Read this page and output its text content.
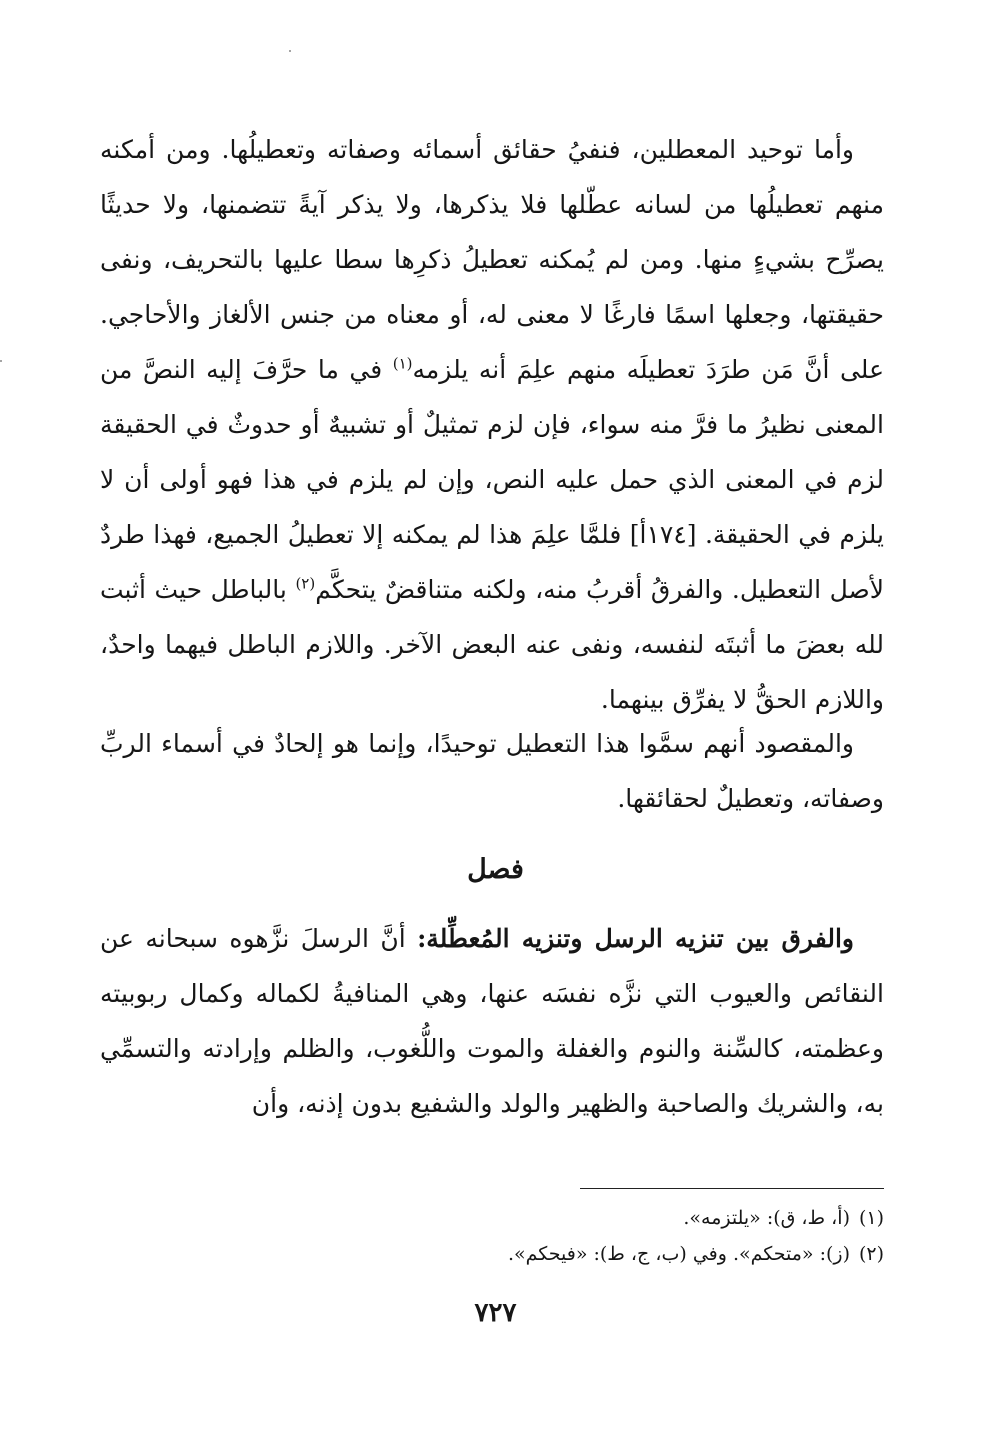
وأما توحيد المعطلين، فنفيُ حقائق أسمائه وصفاته وتعطيلُها. ومن أمكنه منهم تعطيلُها من لسانه عطّلها فلا يذكرها، ولا يذكر آيةً تتضمنها، ولا حديثًا يصرِّح بشيءٍ منها. ومن لم يُمكنه تعطيلُ ذكرِها سطا عليها بالتحريف، ونفى حقيقتها، وجعلها اسمًا فارغًا لا معنى له، أو معناه من جنس الألغاز والأحاجي. على أنَّ مَن طرَدَ تعطيلَه منهم علِمَ أنه يلزمه$^{(١)}$ في ما حرَّفَ إليه النصَّ من المعنى نظيرُ ما فرَّ منه سواء، فإن لزم تمثيلٌ أو تشبيهٌ أو حدوثٌ في الحقيقة لزم في المعنى الذي حمل عليه النص، وإن لم يلزم في هذا فهو أولى أن لا يلزم في الحقيقة. [١٧٤أ] فلمَّا علِمَ هذا لم يمكنه إلا تعطيلُ الجميع، فهذا طردٌ لأصل التعطيل. والفرقُ أقربُ منه، ولكنه متناقضٌ يتحكَّم$^{(٢)}$ بالباطل حيث أثبت لله بعضَ ما أثبتَه لنفسه، ونفى عنه البعض الآخر. واللازم الباطل فيهما واحدٌ، واللازم الحقُّ لا يفرِّق بينهما.

والمقصود أنهم سمَّوا هذا التعطيل توحيدًا، وإنما هو إلحادٌ في أسماء الربِّ وصفاته، وتعطيلٌ لحقائقها.

فصل

والفرق بين تنزيه الرسل وتنزيه المُعطِّلة: أنَّ الرسلَ نزَّهوه سبحانه عن النقائص والعيوب التي نزَّه نفسَه عنها، وهي المنافيةُ لكماله وكمال ربوبيته وعظمته، كالسِّنة والنوم والغفلة والموت واللُّغوب، والظلم وإرادته والتسمِّي به، والشريك والصاحبة والظهير والولد والشفيع بدون إذنه، وأن

(١)(أ، ط، ق): «يلتزمه».

(٢)(ز): «متحكم». وفي (ب، ج، ط): «فيحكم».

٧٢٧
